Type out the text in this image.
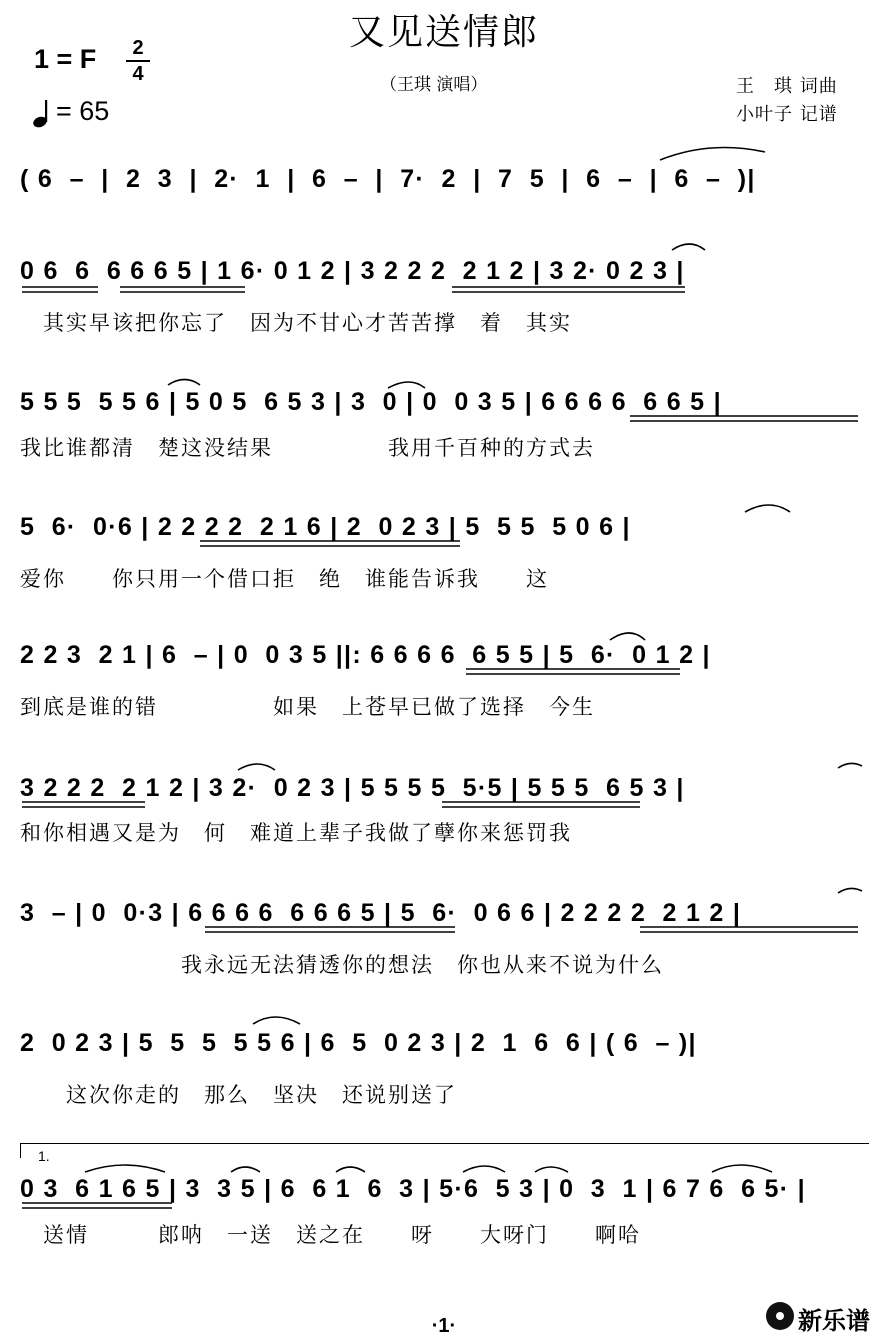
又见送情郎
1 = F	2
4
= 65
（王琪 演唱）	王　琪 词曲
小叶子 记谱
( 6  –  |  2  3  |  2·  1  |  6  –  |  7·  2  |  7  5  |  6  –  |  6  –  )|
0 6  6  6 6 6 5 | 1 6· 0 1 2 | 3 2 2 2  2 1 2 | 3 2· 0 2 3 |
　其实早该把你忘了　因为不甘心才苦苦撑　着　其实
5 5 5  5 5 6 | 5 0 5  6 5 3 | 3  0 | 0  0 3 5 | 6 6 6 6  6 6 5 |
我比谁都清　楚这没结果　　　　　我用千百种的方式去
5  6·  0·6 | 2 2 2 2  2 1 6 | 2  0 2 3 | 5  5 5  5 0 6 |
爱你　　你只用一个借口拒　绝　谁能告诉我　　这
2 2 3  2 1 | 6  – | 0  0 3 5 ||: 6 6 6 6  6 5 5 | 5  6·  0 1 2 |
到底是谁的错　　　　　如果　上苍早已做了选择　今生
3 2 2 2  2 1 2 | 3 2·  0 2 3 | 5 5 5 5  5·5 | 5 5 5  6 5 3 |
和你相遇又是为　何　难道上辈子我做了孽你来惩罚我
3  – | 0  0·3 | 6 6 6 6  6 6 6 5 | 5  6·  0 6 6 | 2 2 2 2  2 1 2 |
　　　　　　　我永远无法猜透你的想法　你也从来不说为什么
2  0 2 3 | 5  5  5  5 5 6 | 6  5  0 2 3 | 2  1  6  6 | ( 6  – )|
　　这次你走的　那么　坚决　还说别送了
1.
0 3  6 1 6 5 | 3  3 5 | 6  6 1  6  3 | 5·6  5 3 | 0  3  1 | 6 7 6  6 5· |
　送情　　　郎呐　一送　送之在　　呀　　大呀门　　啊哈
·1·	新乐谱
